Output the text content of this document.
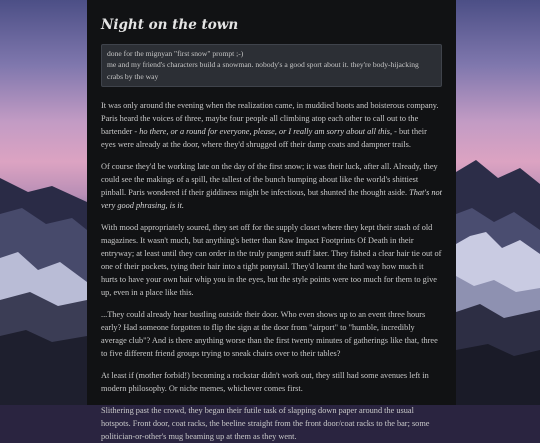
Night on the town

done for the mignyan "first snow" prompt ;-)

me and my friend's characters build a snowman. nobody's a good sport about it. they're body-hijacking crabs by the way

It was only around the evening when the realization came, in muddied boots and boisterous company. Paris heard the voices of three, maybe four people all climbing atop each other to call out to the bartender - ho there, or a round for everyone, please, or I really am sorry about all this, - but their eyes were already at the door, where they'd shrugged off their damp coats and dampner trails.

Of course they'd be working late on the day of the first snow; it was their luck, after all. Already, they could see the makings of a spill, the tallest of the bunch bumping about like the world's shittiest pinball. Paris wondered if their giddiness might be infectious, but shunted the thought aside. That's not very good phrasing, is it.

With mood appropriately soured, they set off for the supply closet where they kept their stash of old magazines. It wasn't much, but anything's better than Raw Impact Footprints Of Death in their entryway; at least until they can order in the truly pungent stuff later. They fished a clear hair tie out of one of their pockets, tying their hair into a tight ponytail. They'd learnt the hard way how much it hurts to have your own hair whip you in the eyes, but the style points were too much for them to give up, even in a place like this.

...They could already hear bustling outside their door. Who even shows up to an event three hours early? Had someone forgotten to flip the sign at the door from "airport" to "humble, incredibly average club"? And is there anything worse than the first twenty minutes of gatherings like that, three to five different friend groups trying to sneak chairs over to their tables?

At least if (mother forbid!) becoming a rockstar didn't work out, they still had some avenues left in modern philosophy. Or niche memes, whichever comes first.

Slithering past the crowd, they began their futile task of slapping down paper around the usual hotspots. Front door, coat racks, the beeline straight from the front door/coat racks to the bar; some politician-or-other's mug beaming up at them as they went.
